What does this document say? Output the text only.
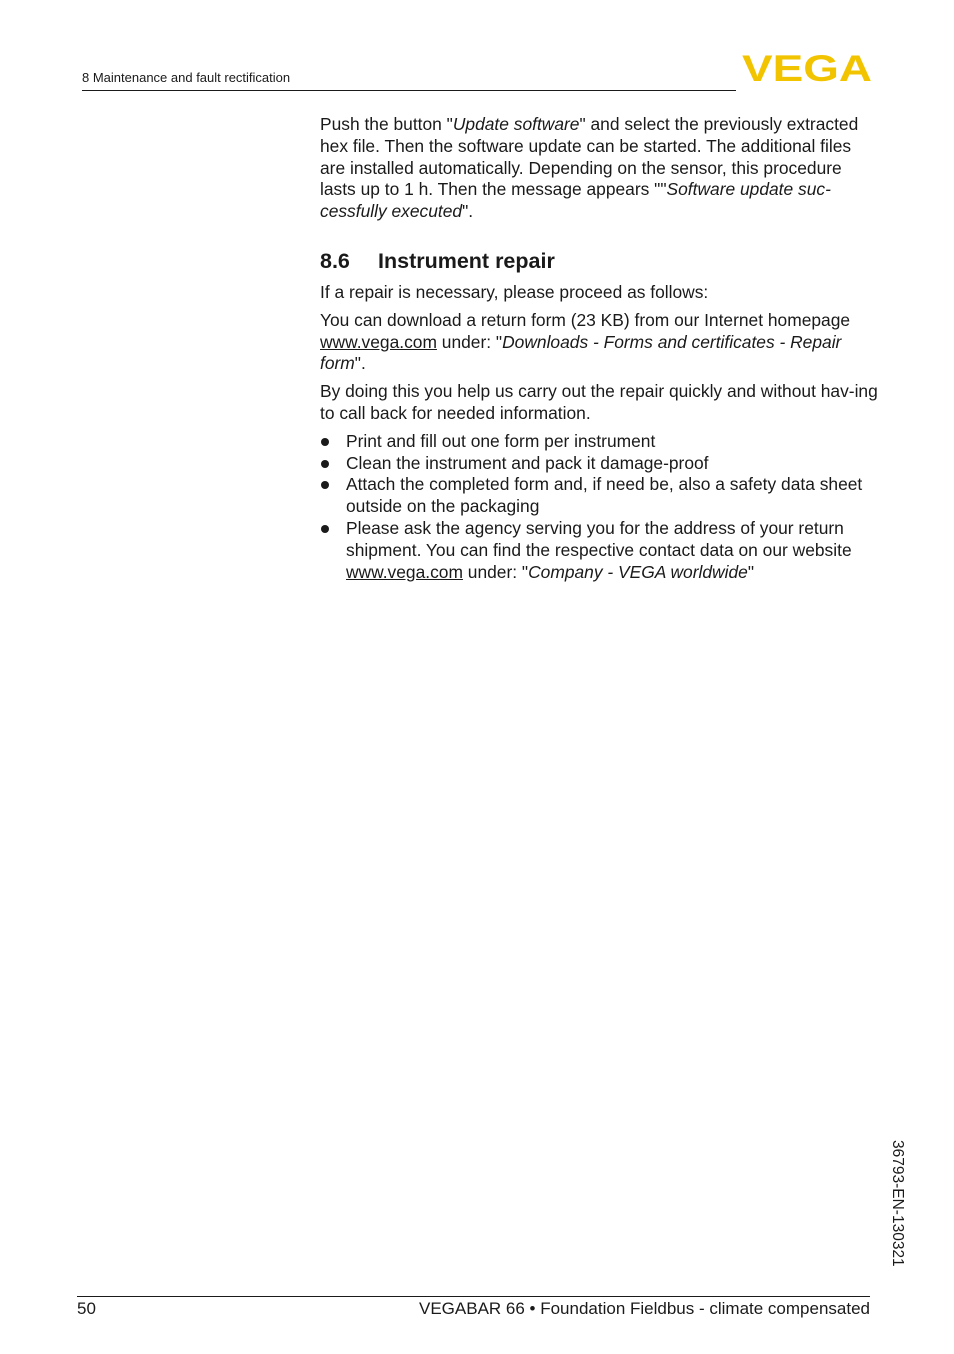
8 Maintenance and fault rectification	VEGA

Push the button "Update software" and select the previously extracted hex file. Then the software update can be started. The additional files are installed automatically. Depending on the sensor, this procedure lasts up to 1 h. Then the message appears ""Software update suc-cessfully executed".

8.6	Instrument repair

If a repair is necessary, please proceed as follows:

You can download a return form (23 KB) from our Internet homepage www.vega.com under: "Downloads - Forms and certificates - Repair form".

By doing this you help us carry out the repair quickly and without hav-ing to call back for needed information.

Print and fill out one form per instrument
Clean the instrument and pack it damage-proof
Attach the completed form and, if need be, also a safety data sheet outside on the packaging
Please ask the agency serving you for the address of your return shipment. You can find the respective contact data on our website www.vega.com under: "Company - VEGA worldwide"
36793-EN-130321
50	VEGABAR 66 • Foundation Fieldbus - climate compensated
